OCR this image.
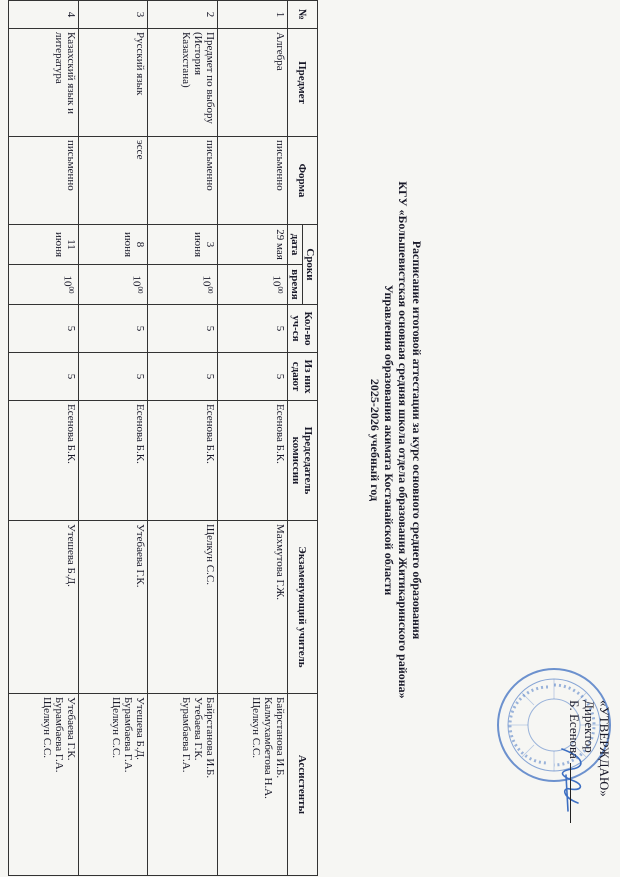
«УТВЕРЖДАЮ»
Директор
Б. Есенова
Расписание итоговой аттестации за курс основного среднего образования
КГУ «Большевистская основная средняя школа отдела образования Житикаринского района»
Управления образования акимата Костанайской области
2025-2026 учебный год
№	Предмет	Форма	Сроки		Кол-во уч-ся	Из них сдают	Председатель комиссии	Экзаменующий учитель	Ассистенты
			дата	время					
1	Алгебра	письменно	29 мая	$10^{00}$	5	5	Есенова Б.К.	Махмутова Г.Ж.	Байрстанова И.Б.
Калмухамбетова Н.А.
Щелкун С.С.

2	Предмет по выбору (История Казахстана)	письменно	3 июня	$10^{00}$	5	5	Есенова Б.К.	Щелкун С.С.	Байрстанова И.Б.
Утебаева Г.К.
Бурамбаева Г.А.

3	Русский язык	эссе	8 июня	$10^{00}$	5	5	Есенова Б.К.	Утебаева Г.К.	Утешева Б.Д.
Бурамбаева Г.А.
Щелкун С.С.

4	Казахский язык и литература	письменно	11 июня	$10^{00}$	5	5	Есенова Б.К.	Утешева Б.Д.	Утебаева Г.К.
Бурамбаева Г.А.
Щелкун С.С.
